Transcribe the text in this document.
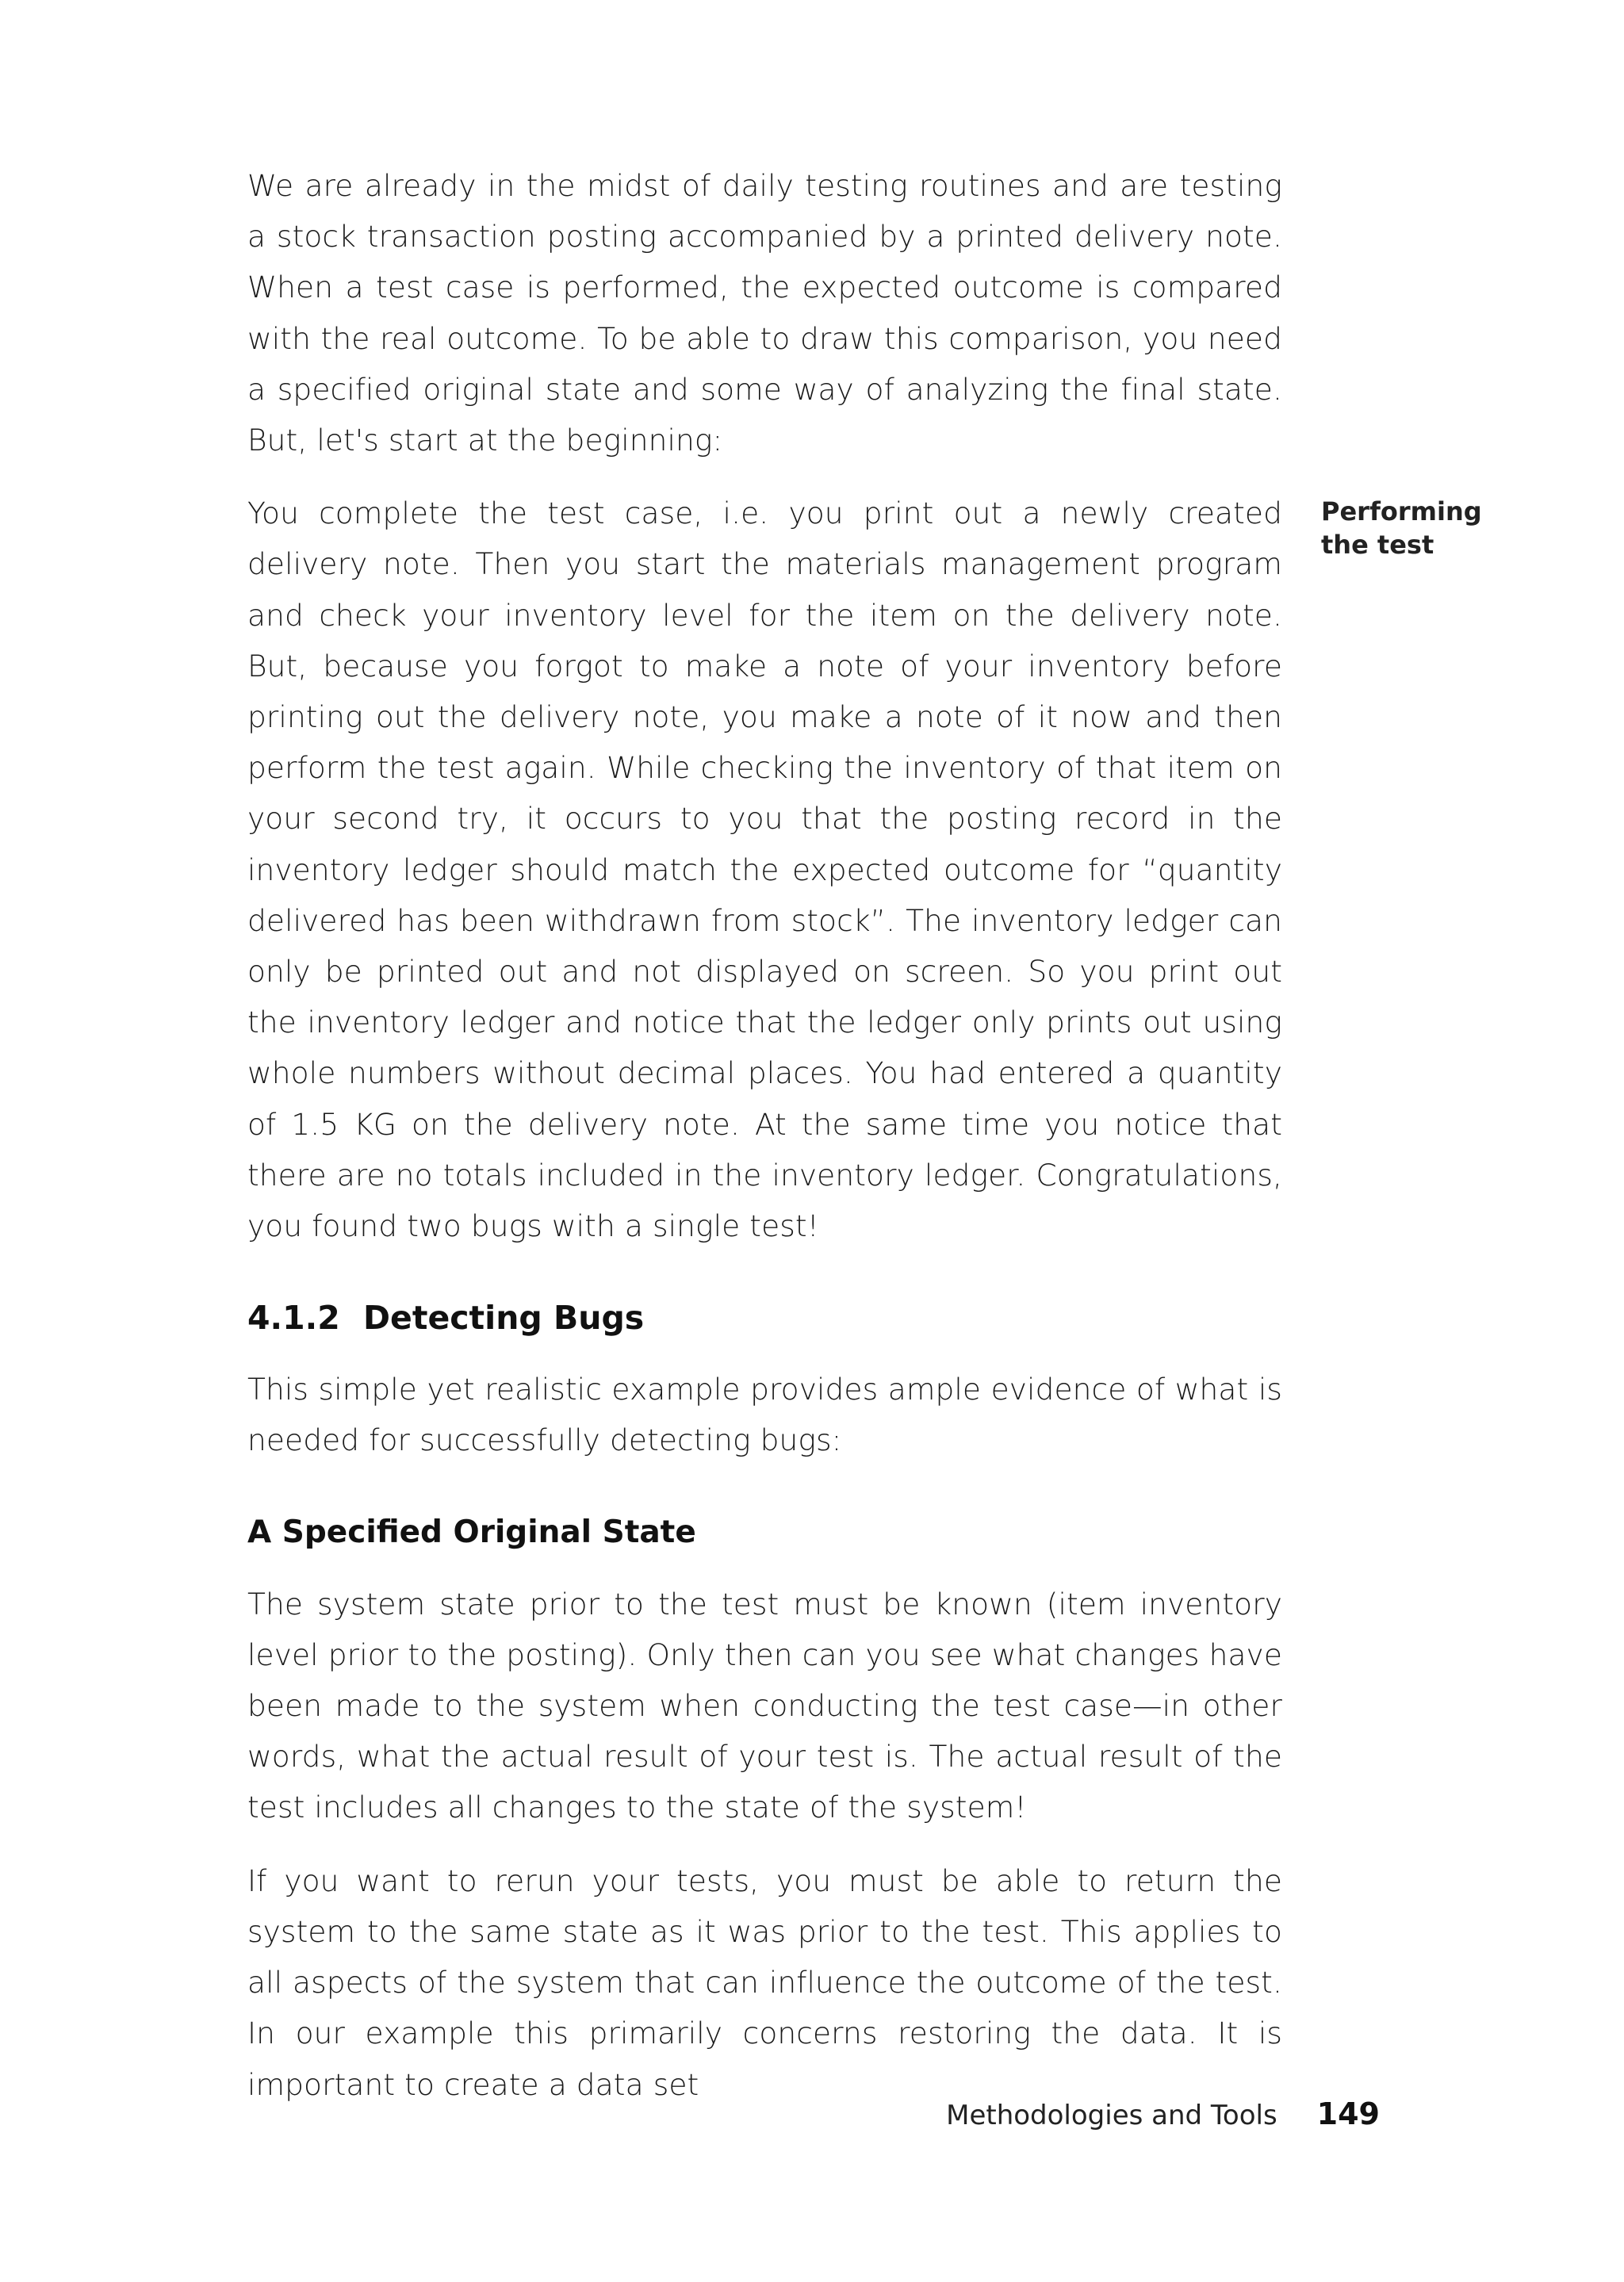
We are already in the midst of daily testing routines and are testing a stock transaction posting accompanied by a printed delivery note. When a test case is performed, the expected outcome is compared with the real outcome. To be able to draw this comparison, you need a specified original state and some way of analyzing the final state. But, let's start at the beginning:

You complete the test case, i.e. you print out a newly created delivery note. Then you start the materials management program and check your inventory level for the item on the delivery note. But, because you forgot to make a note of your inventory before printing out the delivery note, you make a note of it now and then perform the test again. While checking the inventory of that item on your second try, it occurs to you that the posting record in the inventory ledger should match the expected outcome for “quantity delivered has been withdrawn from stock”. The inventory ledger can only be printed out and not displayed on screen. So you print out the inventory ledger and notice that the ledger only prints out using whole numbers without decimal places. You had entered a quantity of 1.5 KG on the delivery note. At the same time you notice that there are no totals included in the inventory ledger. Congratulations, you found two bugs with a single test!

4.1.2 Detecting Bugs

This simple yet realistic example provides ample evidence of what is needed for successfully detecting bugs:

A Specified Original State

The system state prior to the test must be known (item inventory level prior to the posting). Only then can you see what changes have been made to the system when conducting the test case—in other words, what the actual result of your test is. The actual result of the test includes all changes to the state of the system!

If you want to rerun your tests, you must be able to return the system to the same state as it was prior to the test. This applies to all aspects of the system that can influence the outcome of the test. In our example this primarily concerns restoring the data. It is important to create a data set

Performing the test
Methodologies and Tools 149
